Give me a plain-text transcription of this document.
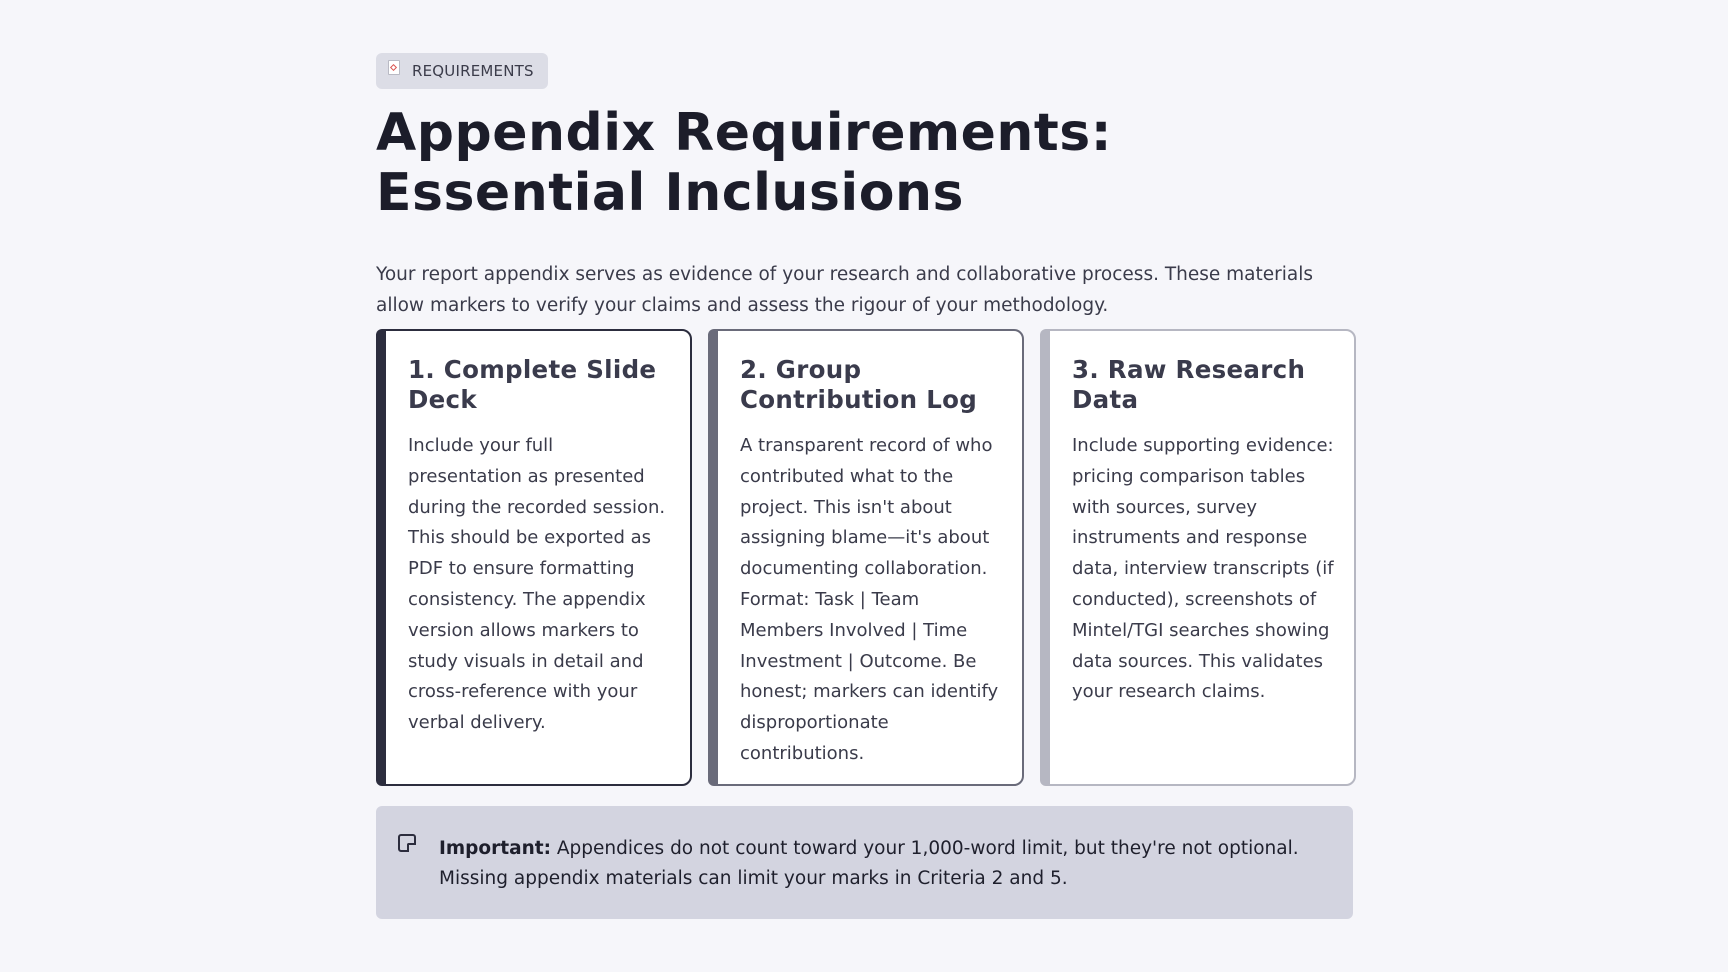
REQUIREMENTS
Appendix Requirements: Essential Inclusions

Your report appendix serves as evidence of your research and collaborative process. These materials allow markers to verify your claims and assess the rigour of your methodology.

1. Complete Slide Deck

Include your full presentation as presented during the recorded session. This should be exported as PDF to ensure formatting consistency. The appendix version allows markers to study visuals in detail and cross-reference with your verbal delivery.

2. Group Contribution Log

A transparent record of who contributed what to the project. This isn't about assigning blame—it's about documenting collaboration. Format: Task | Team Members Involved | Time Investment | Outcome. Be honest; markers can identify disproportionate contributions.

3. Raw Research Data

Include supporting evidence: pricing comparison tables with sources, survey instruments and response data, interview transcripts (if conducted), screenshots of Mintel/TGI searches showing data sources. This validates your research claims.

Important: Appendices do not count toward your 1,000-word limit, but they're not optional. Missing appendix materials can limit your marks in Criteria 2 and 5.
